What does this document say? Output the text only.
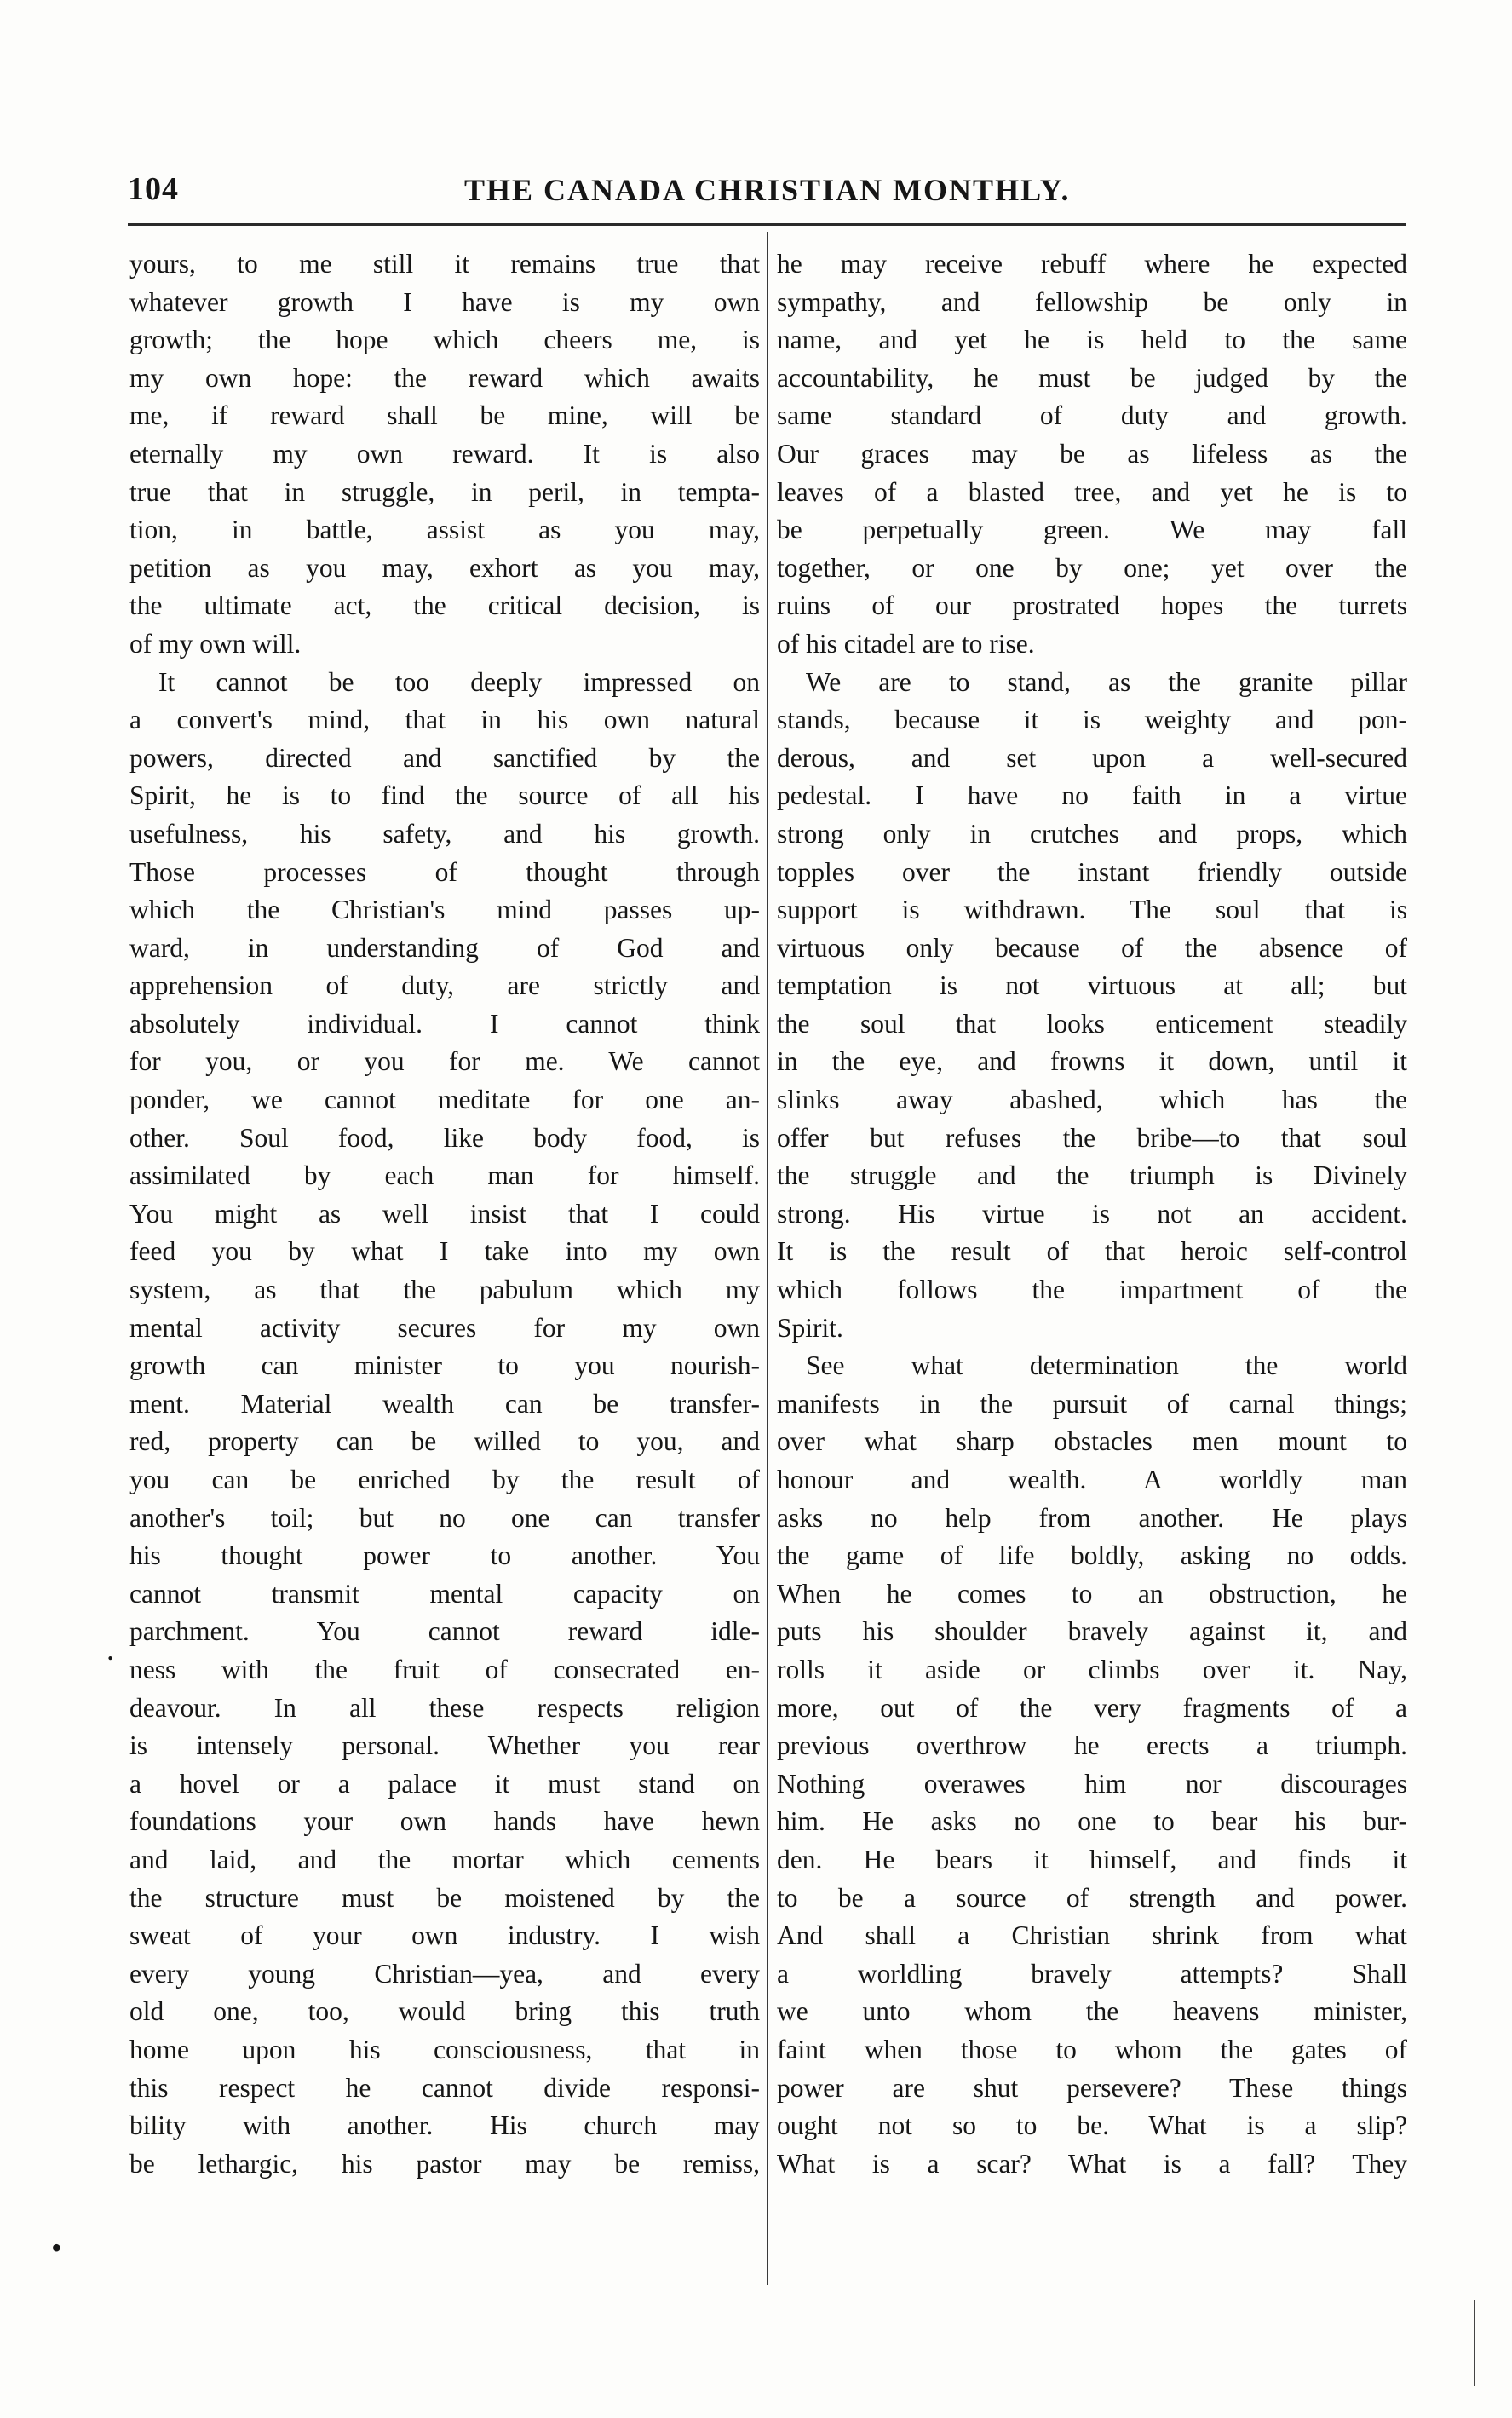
104	THE CANADA CHRISTIAN MONTHLY.
yours, to me still it remains true that
whatever growth I have is my own
growth; the hope which cheers me, is
my own hope: the reward which awaits
me, if reward shall be mine, will be
eternally my own reward. It is also
true that in struggle, in peril, in tempta-
tion, in battle, assist as you may,
petition as you may, exhort as you may,
the ultimate act, the critical decision, is
of my own will.
It cannot be too deeply impressed on
a convert's mind, that in his own natural
powers, directed and sanctified by the
Spirit, he is to find the source of all his
usefulness, his safety, and his growth.
Those processes of thought through
which the Christian's mind passes up-
ward, in understanding of God and
apprehension of duty, are strictly and
absolutely individual. I cannot think
for you, or you for me. We cannot
ponder, we cannot meditate for one an-
other. Soul food, like body food, is
assimilated by each man for himself.
You might as well insist that I could
feed you by what I take into my own
system, as that the pabulum which my
mental activity secures for my own
growth can minister to you nourish-
ment. Material wealth can be transfer-
red, property can be willed to you, and
you can be enriched by the result of
another's toil; but no one can transfer
his thought power to another. You
cannot transmit mental capacity on
parchment. You cannot reward idle-
ness with the fruit of consecrated en-
deavour. In all these respects religion
is intensely personal. Whether you rear
a hovel or a palace it must stand on
foundations your own hands have hewn
and laid, and the mortar which cements
the structure must be moistened by the
sweat of your own industry. I wish
every young Christian—yea, and every
old one, too, would bring this truth
home upon his consciousness, that in
this respect he cannot divide responsi-
bility with another. His church may
be lethargic, his pastor may be remiss,
he may receive rebuff where he expected
sympathy, and fellowship be only in
name, and yet he is held to the same
accountability, he must be judged by the
same standard of duty and growth.
Our graces may be as lifeless as the
leaves of a blasted tree, and yet he is to
be perpetually green. We may fall
together, or one by one; yet over the
ruins of our prostrated hopes the turrets
of his citadel are to rise.
We are to stand, as the granite pillar
stands, because it is weighty and pon-
derous, and set upon a well-secured
pedestal. I have no faith in a virtue
strong only in crutches and props, which
topples over the instant friendly outside
support is withdrawn. The soul that is
virtuous only because of the absence of
temptation is not virtuous at all; but
the soul that looks enticement steadily
in the eye, and frowns it down, until it
slinks away abashed, which has the
offer but refuses the bribe—to that soul
the struggle and the triumph is Divinely
strong. His virtue is not an accident.
It is the result of that heroic self-control
which follows the impartment of the
Spirit.
See what determination the world
manifests in the pursuit of carnal things;
over what sharp obstacles men mount to
honour and wealth. A worldly man
asks no help from another. He plays
the game of life boldly, asking no odds.
When he comes to an obstruction, he
puts his shoulder bravely against it, and
rolls it aside or climbs over it. Nay,
more, out of the very fragments of a
previous overthrow he erects a triumph.
Nothing overawes him nor discourages
him. He asks no one to bear his bur-
den. He bears it himself, and finds it
to be a source of strength and power.
And shall a Christian shrink from what
a worldling bravely attempts? Shall
we unto whom the heavens minister,
faint when those to whom the gates of
power are shut persevere? These things
ought not so to be. What is a slip?
What is a scar? What is a fall? They
.
•
